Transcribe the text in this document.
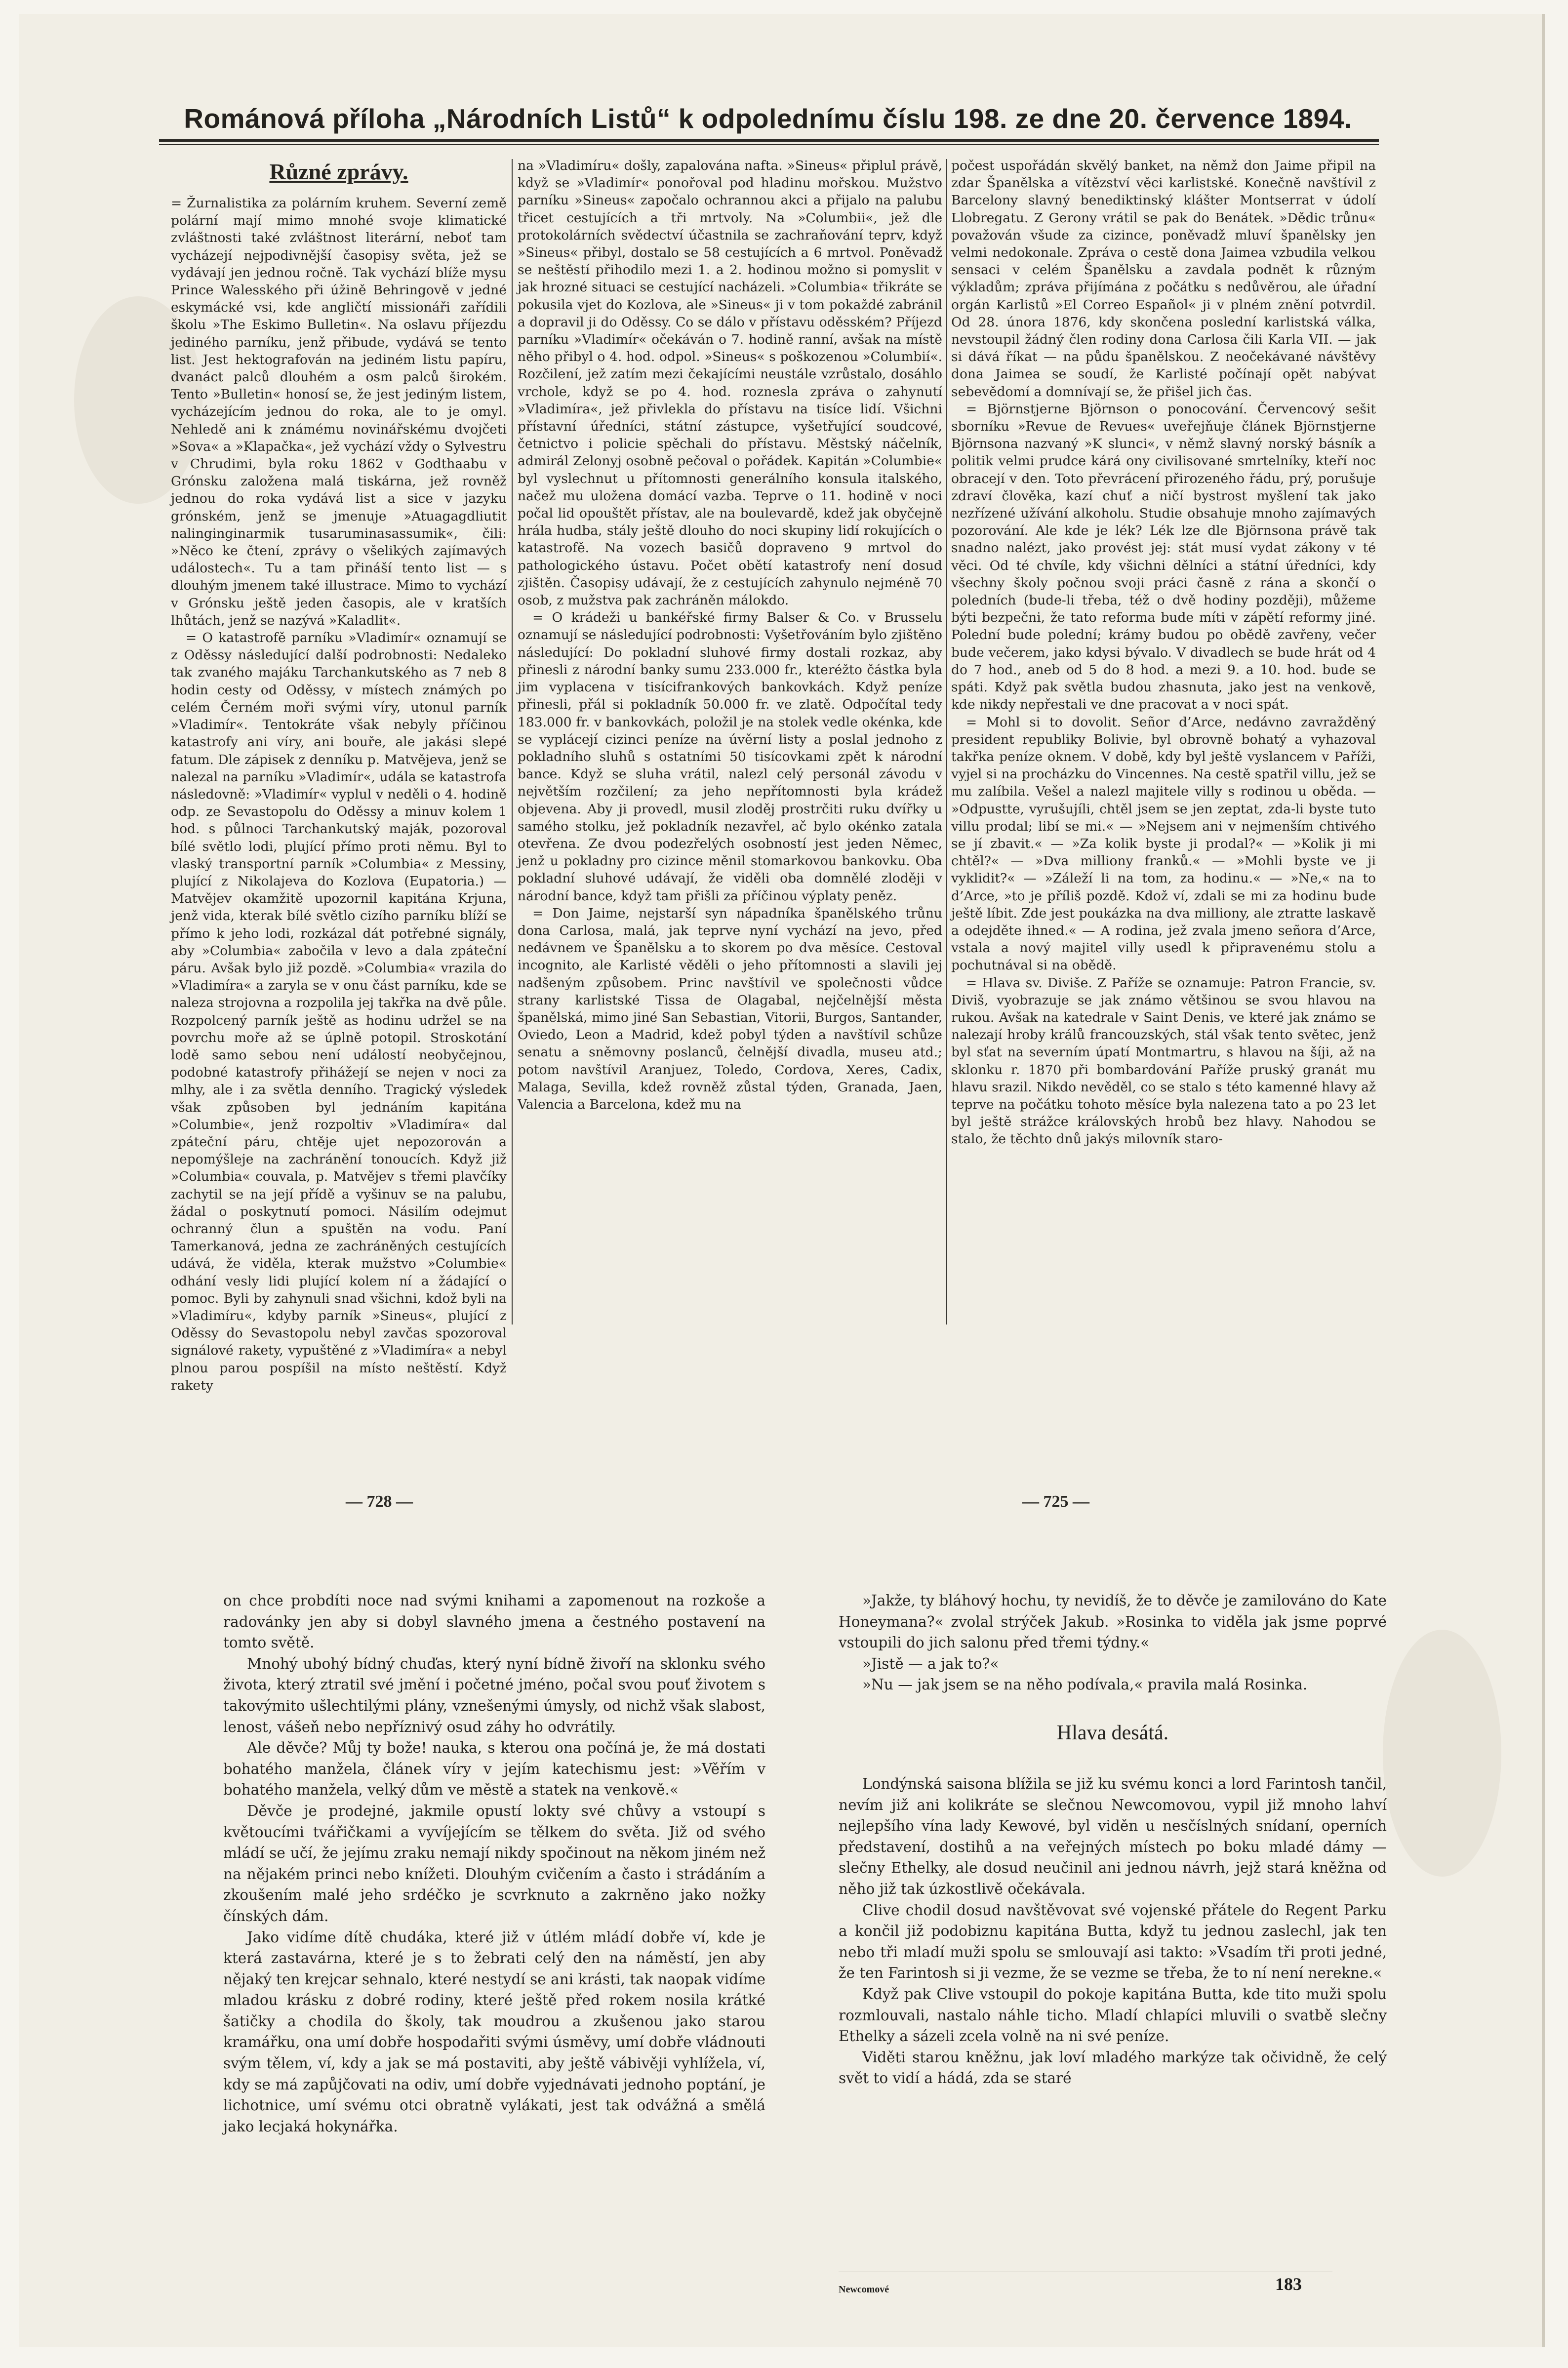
Románová příloha „Národních Listů“ k odpolednímu číslu 198. ze dne 20. července 1894.
Různé zprávy.

= Žurnalistika za polárním kruhem. Severní země polární mají mimo mnohé svoje klimatické zvláštnosti také zvláštnost literární, neboť tam vycházejí nejpodivnější časopisy světa, jež se vydávají jen jednou ročně. Tak vychází blíže mysu Prince Walesského při úžině Behringově v jedné eskymácké vsi, kde angličtí missionáři zařídili školu »The Eskimo Bulletin«. Na oslavu příjezdu jediného parníku, jenž přibude, vydává se tento list. Jest hektografován na jediném listu papíru, dvanáct palců dlouhém a osm palců širokém. Tento »Bulletin« honosí se, že jest jediným listem, vycházejícím jednou do roka, ale to je omyl. Nehledě ani k známému novinářskému dvojčeti »Sova« a »Klapačka«, jež vychází vždy o Sylvestru v Chrudimi, byla roku 1862 v Godthaabu v Grónsku založena malá tiskárna, jež rovněž jednou do roka vydává list a sice v jazyku grónském, jenž se jmenuje »Atuagagdliutit nalinginginarmik tusaruminasassumik«, čili: »Něco ke čtení, zprávy o všelikých zajímavých událostech«. Tu a tam přináší tento list — s dlouhým jmenem také illustrace. Mimo to vychází v Grónsku ještě jeden časopis, ale v kratších lhůtách, jenž se nazývá »Kaladlit«.

= O katastrofě parníku »Vladimír« oznamují se z Oděssy následující další podrobnosti: Nedaleko tak zvaného majáku Tarchankutského as 7 neb 8 hodin cesty od Oděssy, v místech známých po celém Černém moři svými víry, utonul parník »Vladimír«. Tentokráte však nebyly příčinou katastrofy ani víry, ani bouře, ale jakási slepé fatum. Dle zápisek z denníku p. Matvějeva, jenž se nalezal na parníku »Vladimír«, udála se katastrofa následovně: »Vladimír« vyplul v neděli o 4. hodině odp. ze Sevastopolu do Oděssy a minuv kolem 1 hod. s půlnoci Tarchankutský maják, pozoroval bílé světlo lodi, plující přímo proti němu. Byl to vlaský transportní parník »Columbia« z Messiny, plující z Nikolajeva do Kozlova (Eupatoria.) — Matvějev okamžitě upozornil kapitána Krjuna, jenž vida, kterak bílé světlo cizího parníku blíží se přímo k jeho lodi, rozkázal dát potřebné signály, aby »Columbia« zabočila v levo a dala zpáteční páru. Avšak bylo již pozdě. »Columbia« vrazila do »Vladimíra« a zaryla se v onu část parníku, kde se naleza strojovna a rozpolila jej takřka na dvě půle. Rozpolcený parník ještě as hodinu udržel se na povrchu moře až se úplně potopil. Stroskotání lodě samo sebou není událostí neobyčejnou, podobné katastrofy přihážejí se nejen v noci za mlhy, ale i za světla denního. Tragický výsledek však způsoben byl jednáním kapitána »Columbie«, jenž rozpoltiv »Vladimíra« dal zpáteční páru, chtěje ujet nepozorován a nepomýšleje na zachránění tonoucích. Když již »Columbia« couvala, p. Matvějev s třemi plavčíky zachytil se na její přídě a vyšinuv se na palubu, žádal o poskytnutí pomoci. Násilím odejmut ochranný člun a spuštěn na vodu. Paní Tamerkanová, jedna ze zachráněných cestujících udává, že viděla, kterak mužstvo »Columbie« odhání vesly lidi plující kolem ní a žádající o pomoc. Byli by zahynuli snad všichni, kdož byli na »Vladimíru«, kdyby parník »Sineus«, plující z Oděssy do Sevastopolu nebyl zavčas spozoroval signálové rakety, vypuštěné z »Vladimíra« a nebyl plnou parou pospíšil na místo neštěstí. Když rakety

na »Vladimíru« došly, zapalována nafta. »Sineus« připlul právě, když se »Vladimír« ponořoval pod hladinu mořskou. Mužstvo parníku »Sineus« započalo ochrannou akci a přijalo na palubu třicet cestujících a tři mrtvoly. Na »Columbii«, jež dle protokolárních svědectví účastnila se zachraňování teprv, když »Sineus« přibyl, dostalo se 58 cestujících a 6 mrtvol. Poněvadž se neštěstí přihodilo mezi 1. a 2. hodinou možno si pomyslit v jak hrozné situaci se cestující nacházeli. »Columbia« třikráte se pokusila vjet do Kozlova, ale »Sineus« ji v tom pokaždé zabránil a dopravil ji do Oděssy. Co se dálo v přístavu oděsském? Příjezd parníku »Vladimír« očekáván o 7. hodině ranní, avšak na místě něho přibyl o 4. hod. odpol. »Sineus« s poškozenou »Columbií«. Rozčilení, jež zatím mezi čekajícími neustále vzrůstalo, dosáhlo vrchole, když se po 4. hod. roznesla zpráva o zahynutí »Vladimíra«, jež přivlekla do přístavu na tisíce lidí. Všichni přístavní úředníci, státní zástupce, vyšetřující soudcové, četnictvo i policie spěchali do přístavu. Městský náčelník, admirál Zelonyj osobně pečoval o pořádek. Kapitán »Columbie« byl vyslechnut u přítomnosti generálního konsula italského, načež mu uložena domácí vazba. Teprve o 11. hodině v noci počal lid opouštět přístav, ale na boulevardě, kdež jak obyčejně hrála hudba, stály ještě dlouho do noci skupiny lidí rokujících o katastrofě. Na vozech basičů dopraveno 9 mrtvol do pathologického ústavu. Počet obětí katastrofy není dosud zjištěn. Časopisy udávají, že z cestujících zahynulo nejméně 70 osob, z mužstva pak zachráněn málokdo.

= O krádeži u bankéřské firmy Balser & Co. v Brusselu oznamují se následující podrobnosti: Vyšetřováním bylo zjištěno následující: Do pokladní sluhové firmy dostali rozkaz, aby přinesli z národní banky sumu 233.000 fr., kteréžto částka byla jim vyplacena v tisícifrankových bankovkách. Když peníze přinesli, přál si pokladník 50.000 fr. ve zlatě. Odpočítal tedy 183.000 fr. v bankovkách, položil je na stolek vedle okénka, kde se vyplácejí cizinci peníze na úvěrní listy a poslal jednoho z pokladního sluhů s ostatními 50 tisícovkami zpět k národní bance. Když se sluha vrátil, nalezl celý personál závodu v největším rozčilení; za jeho nepřítomnosti byla krádež objevena. Aby ji provedl, musil zloděj prostrčiti ruku dvířky u samého stolku, jež pokladník nezavřel, ač bylo okénko zatala otevřena. Ze dvou podezřelých osobností jest jeden Němec, jenž u pokladny pro cizince měnil stomarkovou bankovku. Oba pokladní sluhové udávají, že viděli oba domnělé zloději v národní bance, když tam přišli za příčinou výplaty peněz.

= Don Jaime, nejstarší syn nápadníka španělského trůnu dona Carlosa, malá, jak teprve nyní vychází na jevo, před nedávnem ve Španělsku a to skorem po dva měsíce. Cestoval incognito, ale Karlisté věděli o jeho přítomnosti a slavili jej nadšeným způsobem. Princ navštívil ve společnosti vůdce strany karlistské Tissa de Olagabal, nejčelnější města španělská, mimo jiné San Sebastian, Vitorii, Burgos, Santander, Oviedo, Leon a Madrid, kdež pobyl týden a navštívil schůze senatu a sněmovny poslanců, čelnější divadla, museu atd.; potom navštívil Aranjuez, Toledo, Cordova, Xeres, Cadix, Malaga, Sevilla, kdež rovněž zůstal týden, Granada, Jaen, Valencia a Barcelona, kdež mu na

počest uspořádán skvělý banket, na němž don Jaime připil na zdar Španělska a vítězství věci karlistské. Konečně navštívil z Barcelony slavný benediktinský klášter Montserrat v údolí Llobregatu. Z Gerony vrátil se pak do Benátek. »Dědic trůnu« považován všude za cizince, poněvadž mluví španělsky jen velmi nedokonale. Zpráva o cestě dona Jaimea vzbudila velkou sensaci v celém Španělsku a zavdala podnět k různým výkladům; zpráva přijímána z počátku s nedůvěrou, ale úřadní orgán Karlistů »El Correo Español« ji v plném znění potvrdil. Od 28. února 1876, kdy skončena poslední karlistská válka, nevstoupil žádný člen rodiny dona Carlosa čili Karla VII. — jak si dává říkat — na půdu španělskou. Z neočekávané návštěvy dona Jaimea se soudí, že Karlisté počínají opět nabývat sebevědomí a domnívají se, že přišel jich čas.

= Björnstjerne Björnson o ponocování. Červencový sešit sborníku »Revue de Revues« uveřejňuje článek Björnstjerne Björnsona nazvaný »K slunci«, v němž slavný norský básník a politik velmi prudce kárá ony civilisované smrtelníky, kteří noc obracejí v den. Toto převrácení přirozeného řádu, prý, porušuje zdraví člověka, kazí chuť a ničí bystrost myšlení tak jako nezřízené užívání alkoholu. Studie obsahuje mnoho zajímavých pozorování. Ale kde je lék? Lék lze dle Björnsona právě tak snadno nalézt, jako provést jej: stát musí vydat zákony v té věci. Od té chvíle, kdy všichni dělníci a státní úředníci, kdy všechny školy počnou svoji práci časně z rána a skončí o poledních (bude-li třeba, též o dvě hodiny později), můžeme býti bezpečni, že tato reforma bude míti v zápětí reformy jiné. Polední bude polední; krámy budou po obědě zavřeny, večer bude večerem, jako kdysi bývalo. V divadlech se bude hrát od 4 do 7 hod., aneb od 5 do 8 hod. a mezi 9. a 10. hod. bude se spáti. Když pak světla budou zhasnuta, jako jest na venkově, kde nikdy nepřestali ve dne pracovat a v noci spát.

= Mohl si to dovolit. Señor d’Arce, nedávno zavražděný president republiky Bolivie, byl obrovně bohatý a vyhazoval takřka peníze oknem. V době, kdy byl ještě vyslancem v Paříži, vyjel si na procházku do Vincennes. Na cestě spatřil villu, jež se mu zalíbila. Vešel a nalezl majitele villy s rodinou u oběda. — »Odpustte, vyrušujíli, chtěl jsem se jen zeptat, zda-li byste tuto villu prodal; libí se mi.« — »Nejsem ani v nejmenším chtivého se jí zbavit.« — »Za kolik byste ji prodal?« — »Kolik ji mi chtěl?« — »Dva milliony franků.« — »Mohli byste ve ji vyklidit?« — »Záleží li na tom, za hodinu.« — »Ne,« na to d’Arce, »to je příliš pozdě. Kdož ví, zdali se mi za hodinu bude ještě líbit. Zde jest poukázka na dva milliony, ale ztratte laskavě a odejděte ihned.« — A rodina, jež zvala jmeno señora d’Arce, vstala a nový majitel villy usedl k připravenému stolu a pochutnával si na obědě.

= Hlava sv. Diviše. Z Paříže se oznamuje: Patron Francie, sv. Diviš, vyobrazuje se jak známo většinou se svou hlavou na rukou. Avšak na katedrale v Saint Denis, ve které jak známo se nalezají hroby králů francouzských, stál však tento světec, jenž byl sťat na severním úpatí Montmartru, s hlavou na šíji, až na sklonku r. 1870 při bombardování Paříže pruský granát mu hlavu srazil. Nikdo nevěděl, co se stalo s této kamenné hlavy až teprve na počátku tohoto měsíce byla nalezena tato a po 23 let byl ještě strážce královských hrobů bez hlavy. Nahodou se stalo, že těchto dnů jakýs milovník staro-

— 728 —	— 725 —

on chce probdíti noce nad svými knihami a zapomenout na rozkoše a radovánky jen aby si dobyl slavného jmena a čestného postavení na tomto světě.

Mnohý ubohý bídný chuďas, který nyní bídně živoří na sklonku svého života, který ztratil své jmění i početné jméno, počal svou pouť životem s takovýmito ušlechtilými plány, vznešenými úmysly, od nichž však slabost, lenost, vášeň nebo nepříznivý osud záhy ho odvrátily.

Ale děvče? Můj ty bože! nauka, s kterou ona počíná je, že má dostati bohatého manžela, článek víry v jejím katechismu jest: »Věřím v bohatého manžela, velký dům ve městě a statek na venkově.«

Děvče je prodejné, jakmile opustí lokty své chůvy a vstoupí s květoucími tvářičkami a vyvíjejícím se tělkem do světa. Již od svého mládí se učí, že jejímu zraku nemají nikdy spočinout na někom jiném než na nějakém princi nebo knížeti. Dlouhým cvičením a často i strádáním a zkoušením malé jeho srdéčko je scvrknuto a zakrněno jako nožky čínských dám.

Jako vidíme dítě chudáka, které již v útlém mládí dobře ví, kde je která zastavárna, které je s to žebrati celý den na náměstí, jen aby nějaký ten krejcar sehnalo, které nestydí se ani krásti, tak naopak vidíme mladou krásku z dobré rodiny, které ještě před rokem nosila krátké šatičky a chodila do školy, tak moudrou a zkušenou jako starou kramářku, ona umí dobře hospodařiti svými úsměvy, umí dobře vládnouti svým tělem, ví, kdy a jak se má postaviti, aby ještě vábivěji vyhlížela, ví, kdy se má zapůjčovati na odiv, umí dobře vyjednávati jednoho poptání, je lichotnice, umí svému otci obratně vylákati, jest tak odvážná a smělá jako lecjaká hokynářka.

»Jakže, ty bláhový hochu, ty nevidíš, že to děvče je zamilováno do Kate Honeymana?« zvolal strýček Jakub. »Rosinka to viděla jak jsme poprvé vstoupili do jich salonu před třemi týdny.«

»Jistě — a jak to?«

»Nu — jak jsem se na něho podívala,« pravila malá Rosinka.

Hlava desátá.

Londýnská saisona blížila se již ku svému konci a lord Farintosh tančil, nevím již ani kolikráte se slečnou Newcomovou, vypil již mnoho lahví nejlepšího vína lady Kewové, byl viděn u nesčíslných snídaní, operních představení, dostihů a na veřejných místech po boku mladé dámy — slečny Ethelky, ale dosud neučinil ani jednou návrh, jejž stará kněžna od něho již tak úzkostlivě očekávala.

Clive chodil dosud navštěvovat své vojenské přátele do Regent Parku a končil již podobiznu kapitána Butta, když tu jednou zaslechl, jak ten nebo tři mladí muži spolu se smlouvají asi takto: »Vsadím tři proti jedné, že ten Farintosh si ji vezme, že se vezme se třeba, že to ní není nerekne.«

Když pak Clive vstoupil do pokoje kapitána Butta, kde tito muži spolu rozmlouvali, nastalo náhle ticho. Mladí chlapíci mluvili o svatbě slečny Ethelky a sázeli zcela volně na ni své peníze.

Viděti starou kněžnu, jak loví mladého markýze tak očividně, že celý svět to vidí a hádá, zda se staré

Newcomové	183
